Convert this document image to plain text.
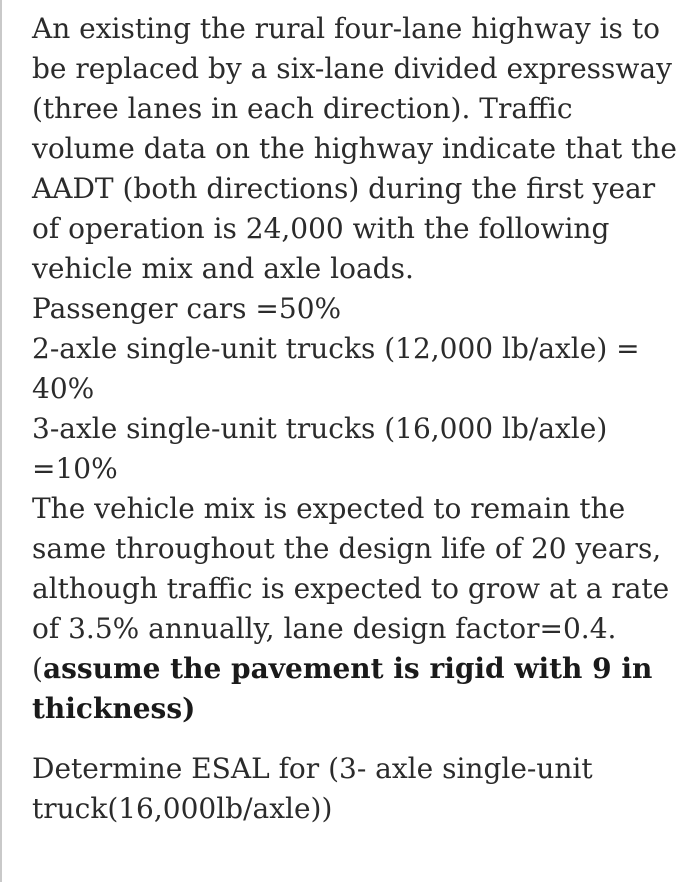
An existing the rural four-lane highway is to be replaced by a six-lane divided expressway (three lanes in each direction). Traffic volume data on the highway indicate that the AADT (both directions) during the first year of operation is 24,000 with the following vehicle mix and axle loads.

Passenger cars =50%

2-axle single-unit trucks (12,000 lb/axle) = 40%

3-axle single-unit trucks (16,000 lb/axle) =10%

The vehicle mix is expected to remain the same throughout the design life of 20 years, although traffic is expected to grow at a rate of 3.5% annually, lane design factor=0.4. (assume the pavement is rigid with 9 in thickness)

Determine ESAL for (3- axle single-unit truck(16,000lb/axle))
